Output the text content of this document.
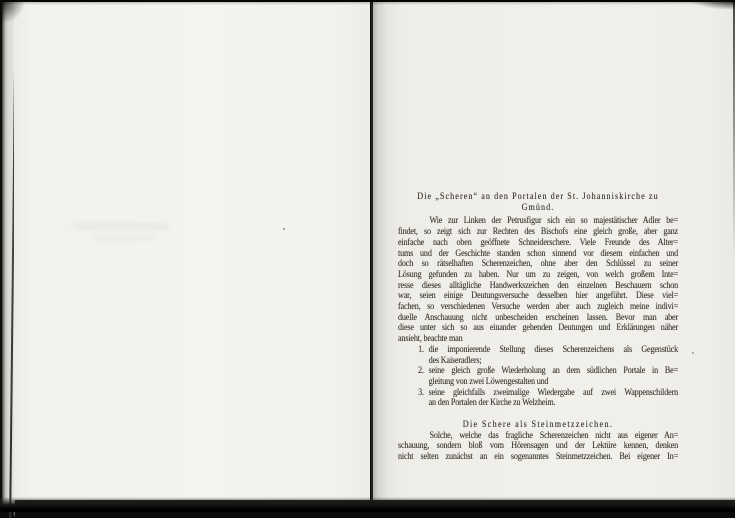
Die „Scheren“ an den Portalen der St. Johanniskirche zu
Gmünd.
Wie zur Linken der Petrusfigur sich ein so majestätischer Adler be=
findet, so zeigt sich zur Rechten des Bischofs eine gleich große, aber ganz
einfache nach oben geöffnete Schneiderschere. Viele Freunde des Alter=
tums und der Geschichte standen schon sinnend vor diesem einfachen und
doch so rätselhaften Scherenzeichen, ohne aber den Schlüssel zu seiner
Lösung gefunden zu haben. Nur um zu zeigen, von welch großem Inte=
resse dieses alltägliche Handwerkszeichen den einzelnen Beschauern schon
war, seien einige Deutungsversuche desselben hier angeführt. Diese viel=
fachen, so verschiedenen Versuche werden aber auch zugleich meine indivi=
duelle Anschauung nicht unbescheiden erscheinen lassen. Bevor man aber
diese unter sich so aus einander gehenden Deutungen und Erklärungen näher
ansieht, beachte man
1. die imponierende Stellung dieses Scherenzeichens als Gegenstück
des Kaiseradlers;
2. seine gleich große Wiederholung an dem südlichen Portale in Be=
gleitung von zwei Löwengestalten und
3. seine gleichfalls zweimalige Wiedergabe auf zwei Wappenschildern
an den Portalen der Kirche zu Welzheim.
Die Schere als Steinmetzzeichen.
Solche, welche das fragliche Scherenzeichen nicht aus eigener An=
schauung, sondern bloß vom Hörensagen und der Lektüre kennen, denken
nicht selten zunächst an ein sogenanntes Steinmetzzeichen. Bei eigener In=
